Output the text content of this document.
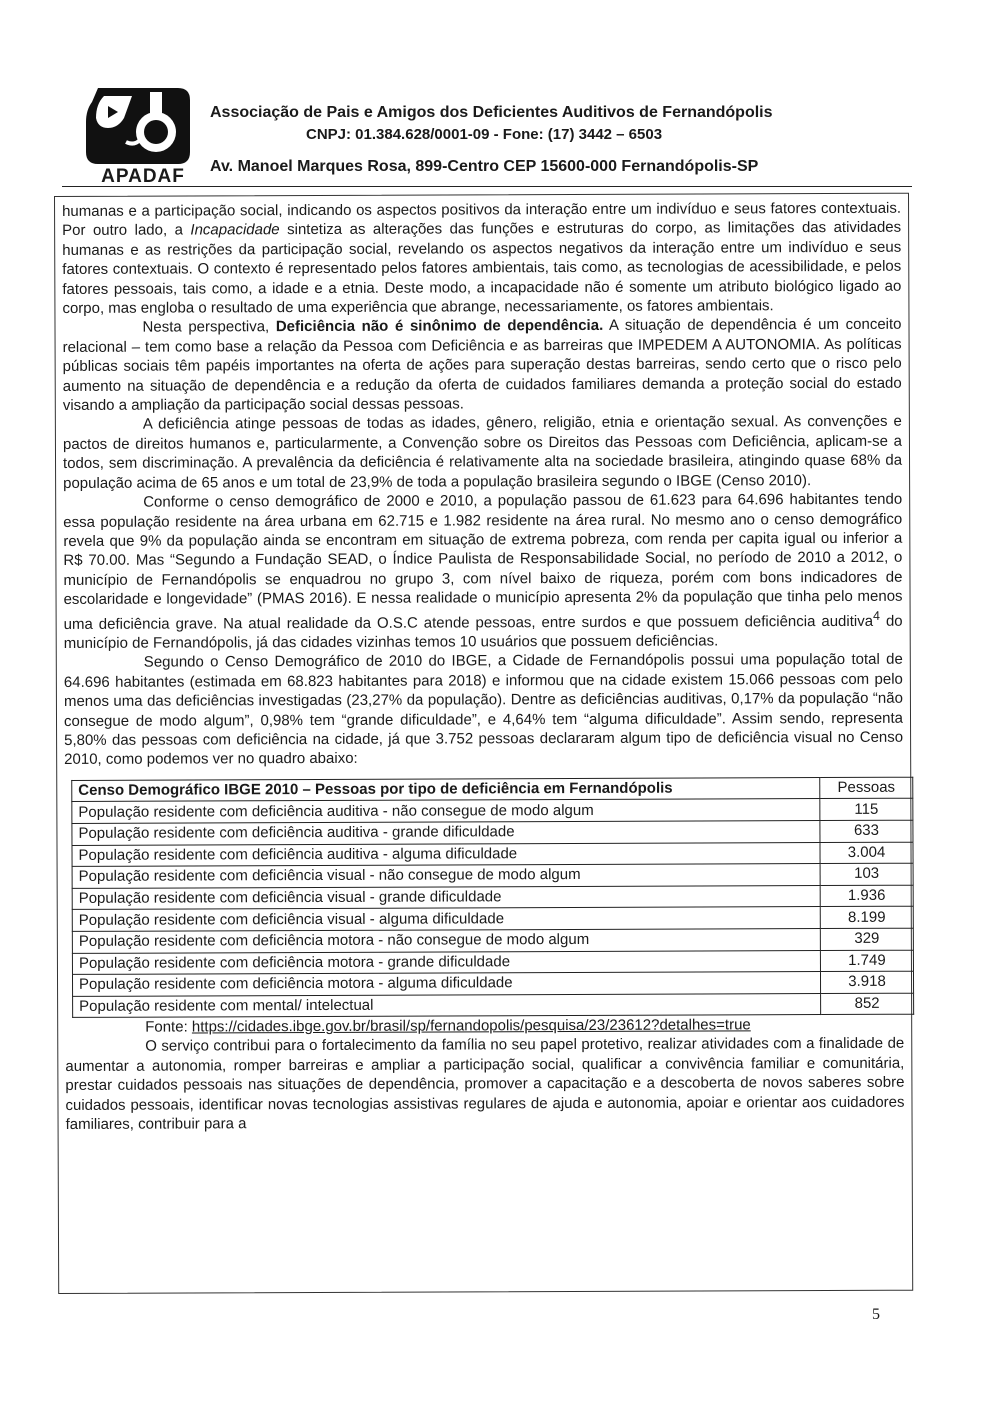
APADAF
Associação de Pais e Amigos dos Deficientes Auditivos de Fernandópolis
CNPJ: 01.384.628/0001-09 - Fone: (17) 3442 – 6503
Av. Manoel Marques Rosa, 899-Centro CEP 15600-000 Fernandópolis-SP

humanas e a participação social, indicando os aspectos positivos da interação entre um indivíduo e seus fatores contextuais. Por outro lado, a Incapacidade sintetiza as alterações das funções e estruturas do corpo, as limitações das atividades humanas e as restrições da participação social, revelando os aspectos negativos da interação entre um indivíduo e seus fatores contextuais. O contexto é representado pelos fatores ambientais, tais como, as tecnologias de acessibilidade, e pelos fatores pessoais, tais como, a idade e a etnia. Deste modo, a incapacidade não é somente um atributo biológico ligado ao corpo, mas engloba o resultado de uma experiência que abrange, necessariamente, os fatores ambientais.

Nesta perspectiva, Deficiência não é sinônimo de dependência. A situação de dependência é um conceito relacional – tem como base a relação da Pessoa com Deficiência e as barreiras que IMPEDEM A AUTONOMIA. As políticas públicas sociais têm papéis importantes na oferta de ações para superação destas barreiras, sendo certo que o risco pelo aumento na situação de dependência e a redução da oferta de cuidados familiares demanda a proteção social do estado visando a ampliação da participação social dessas pessoas.

A deficiência atinge pessoas de todas as idades, gênero, religião, etnia e orientação sexual. As convenções e pactos de direitos humanos e, particularmente, a Convenção sobre os Direitos das Pessoas com Deficiência, aplicam-se a todos, sem discriminação. A prevalência da deficiência é relativamente alta na sociedade brasileira, atingindo quase 68% da população acima de 65 anos e um total de 23,9% de toda a população brasileira segundo o IBGE (Censo 2010).

Conforme o censo demográfico de 2000 e 2010, a população passou de 61.623 para 64.696 habitantes tendo essa população residente na área urbana em 62.715 e 1.982 residente na área rural. No mesmo ano o censo demográfico revela que 9% da população ainda se encontram em situação de extrema pobreza, com renda per capita igual ou inferior a R$ 70.00. Mas “Segundo a Fundação SEAD, o Índice Paulista de Responsabilidade Social, no período de 2010 a 2012, o município de Fernandópolis se enquadrou no grupo 3, com nível baixo de riqueza, porém com bons indicadores de escolaridade e longevidade” (PMAS 2016). E nessa realidade o município apresenta 2% da população que tinha pelo menos uma deficiência grave. Na atual realidade da O.S.C atende pessoas, entre surdos e que possuem deficiência auditiva$^4$ do município de Fernandópolis, já das cidades vizinhas temos 10 usuários que possuem deficiências.

Segundo o Censo Demográfico de 2010 do IBGE, a Cidade de Fernandópolis possui uma população total de 64.696 habitantes (estimada em 68.823 habitantes para 2018) e informou que na cidade existem 15.066 pessoas com pelo menos uma das deficiências investigadas (23,27% da população). Dentre as deficiências auditivas, 0,17% da população “não consegue de modo algum”, 0,98% tem “grande dificuldade”, e 4,64% tem “alguma dificuldade”. Assim sendo, representa 5,80% das pessoas com deficiência na cidade, já que 3.752 pessoas declararam algum tipo de deficiência visual no Censo 2010, como podemos ver no quadro abaixo:

Censo Demográfico IBGE 2010 – Pessoas por tipo de deficiência em Fernandópolis	Pessoas
População residente com deficiência auditiva - não consegue de modo algum	115
População residente com deficiência auditiva - grande dificuldade	633
População residente com deficiência auditiva - alguma dificuldade	3.004
População residente com deficiência visual - não consegue de modo algum	103
População residente com deficiência visual - grande dificuldade	1.936
População residente com deficiência visual - alguma dificuldade	8.199
População residente com deficiência motora - não consegue de modo algum	329
População residente com deficiência motora - grande dificuldade	1.749
População residente com deficiência motora - alguma dificuldade	3.918
População residente com mental/ intelectual	852
Fonte: https://cidades.ibge.gov.br/brasil/sp/fernandopolis/pesquisa/23/23612?detalhes=true

O serviço contribui para o fortalecimento da família no seu papel protetivo, realizar atividades com a finalidade de aumentar a autonomia, romper barreiras e ampliar a participação social, qualificar a convivência familiar e comunitária, prestar cuidados pessoais nas situações de dependência, promover a capacitação e a descoberta de novos saberes sobre cuidados pessoais, identificar novas tecnologias assistivas regulares de ajuda e autonomia, apoiar e orientar aos cuidadores familiares, contribuir para a

5
